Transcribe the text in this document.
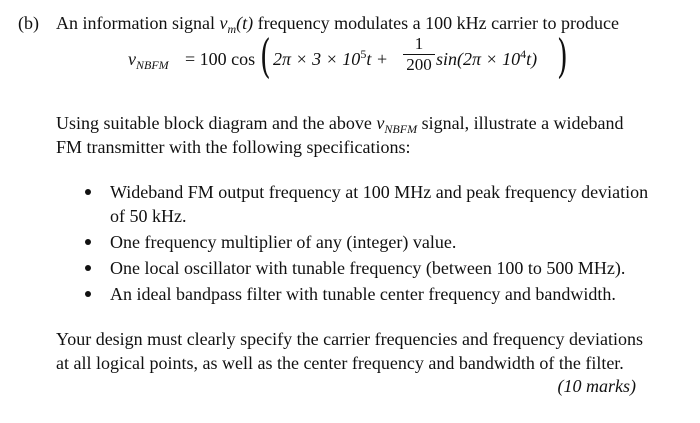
(b) An information signal $v_m(t)$ frequency modulates a 100 kHz carrier to produce
$v_{NBFM} = 100$ cos ( $2\pi \times 3 \times 10^5t$ +
1
200 $\sin(2\pi \times 10^4t)$ )
Using suitable block diagram and the above $v_{NBFM}$ signal, illustrate a wideband
FM transmitter with the following specifications:
Wideband FM output frequency at 100 MHz and peak frequency deviation
of 50 kHz.
One frequency multiplier of any (integer) value.
One local oscillator with tunable frequency (between 100 to 500 MHz).
An ideal bandpass filter with tunable center frequency and bandwidth.
Your design must clearly specify the carrier frequencies and frequency deviations
at all logical points, as well as the center frequency and bandwidth of the filter.
(10 marks)
